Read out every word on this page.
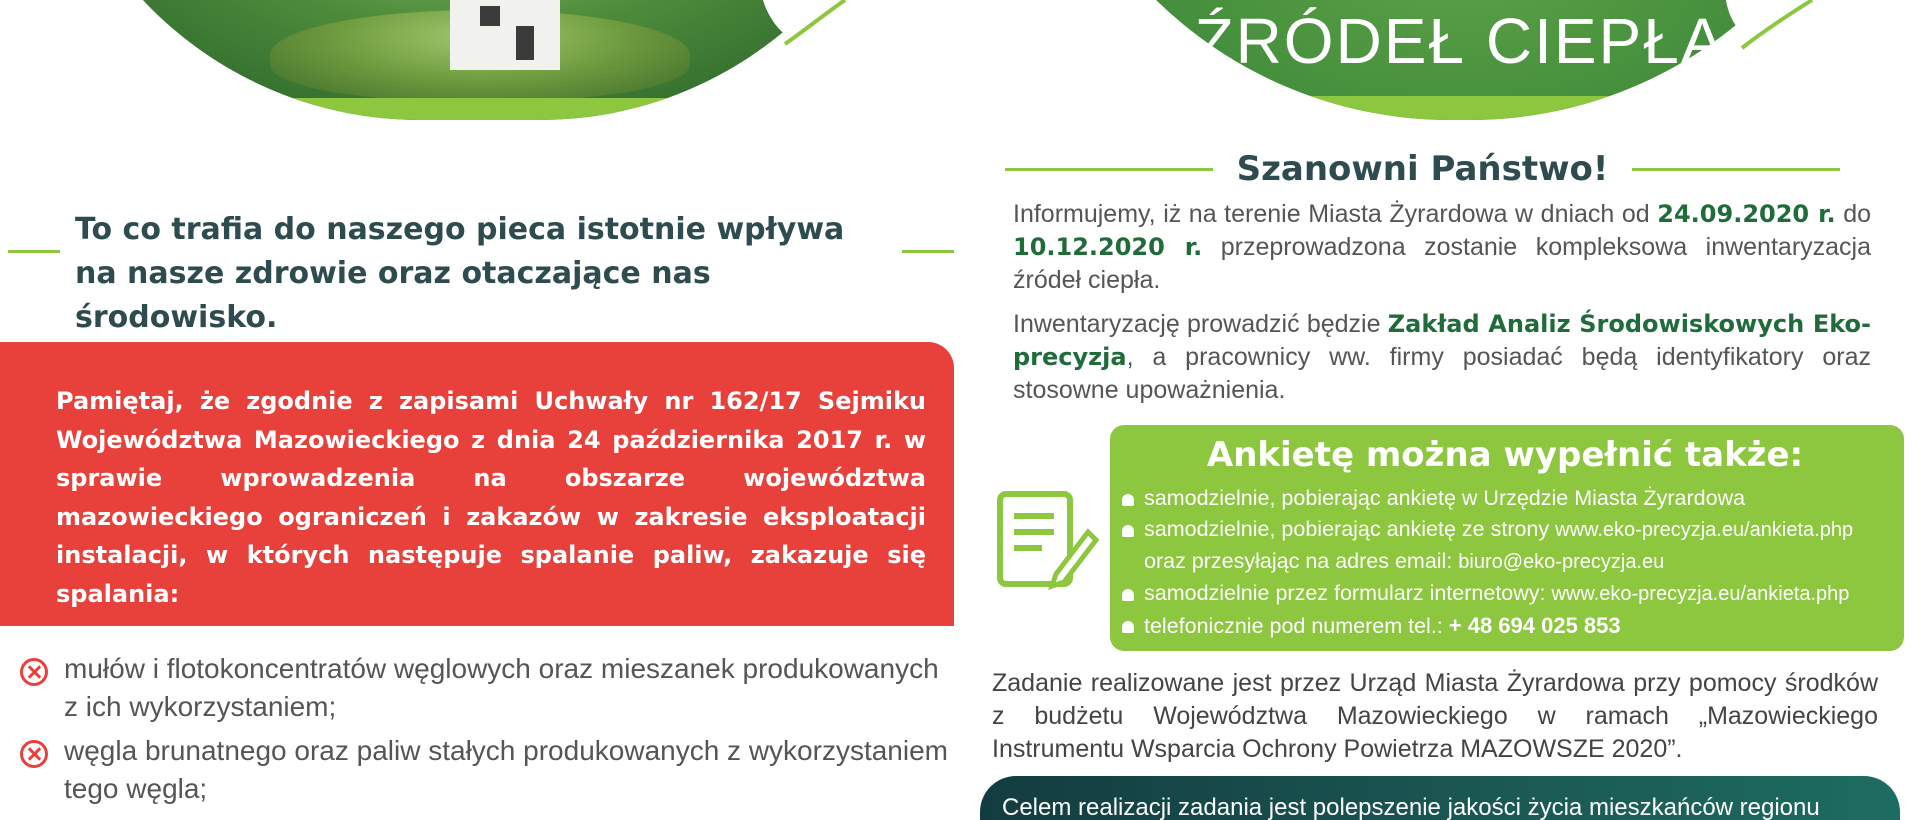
ŹRÓDEŁ CIEPŁA
To co trafia do naszego pieca istotnie wpływa na nasze zdrowie oraz otaczające nas środowisko.

Pamiętaj, że zgodnie z zapisami Uchwały nr 162/17 Sejmiku Województwa Mazowieckiego z dnia 24 października 2017 r. w sprawie wprowadzenia na obszarze województwa mazowieckiego ograniczeń i zakazów w zakresie eksploatacji instalacji, w których następuje spalanie paliw, zakazuje się spalania:

mułów i flotokoncentratów węglowych oraz mieszanek produkowanych z ich wykorzystaniem;
węgla brunatnego oraz paliw stałych produkowanych z wykorzystaniem tego węgla;
Szanowni Państwo!
Informujemy, iż na terenie Miasta Żyrardowa w dniach od 24.09.2020 r. do 10.12.2020 r. przeprowadzona zostanie kompleksowa inwentaryzacja źródeł ciepła.
Inwentaryzację prowadzić będzie Zakład Analiz Środowiskowych Eko-precyzja, a pracownicy ww. firmy posiadać będą identyfikatory oraz stosowne upoważnienia.
Ankietę można wypełnić także:
samodzielnie, pobierając ankietę w Urzędzie Miasta Żyrardowa
samodzielnie, pobierając ankietę ze strony www.eko-precyzja.eu/ankieta.php
oraz przesyłając na adres email: biuro@eko-precyzja.eu
samodzielnie przez formularz internetowy: www.eko-precyzja.eu/ankieta.php
telefonicznie pod numerem tel.: + 48 694 025 853
Zadanie realizowane jest przez Urząd Miasta Żyrardowa przy pomocy środków z budżetu Województwa Mazowieckiego w ramach „Mazowieckiego Instrumentu Wsparcia Ochrony Powietrza MAZOWSZE 2020”.
Celem realizacji zadania jest polepszenie jakości życia mieszkańców regionu
